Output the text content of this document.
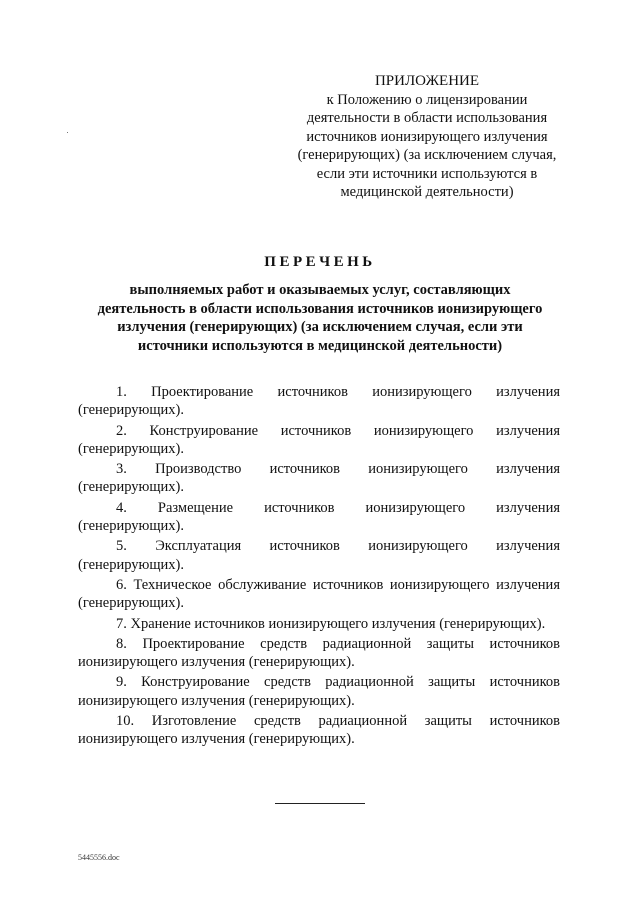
ПРИЛОЖЕНИЕ
к Положению о лицензировании
деятельности в области использования
источников ионизирующего излучения
(генерирующих) (за исключением случая,
если эти источники используются в
медицинской деятельности)
ПЕРЕЧЕНЬ
выполняемых работ и оказываемых услуг, составляющих
деятельность в области использования источников ионизирующего
излучения (генерирующих) (за исключением случая, если эти
источники используются в медицинской деятельности)
1. Проектирование источников ионизирующего излучения
(генерирующих).
2. Конструирование источников ионизирующего излучения
(генерирующих).
3. Производство источников ионизирующего излучения
(генерирующих).
4. Размещение источников ионизирующего излучения
(генерирующих).
5. Эксплуатация источников ионизирующего излучения
(генерирующих).
6. Техническое обслуживание источников ионизирующего излучения
(генерирующих).
7. Хранение источников ионизирующего излучения (генерирующих).
8. Проектирование средств радиационной защиты источников
ионизирующего излучения (генерирующих).
9. Конструирование средств радиационной защиты источников
ионизирующего излучения (генерирующих).
10. Изготовление средств радиационной защиты источников
ионизирующего излучения (генерирующих).
5445556.doc
